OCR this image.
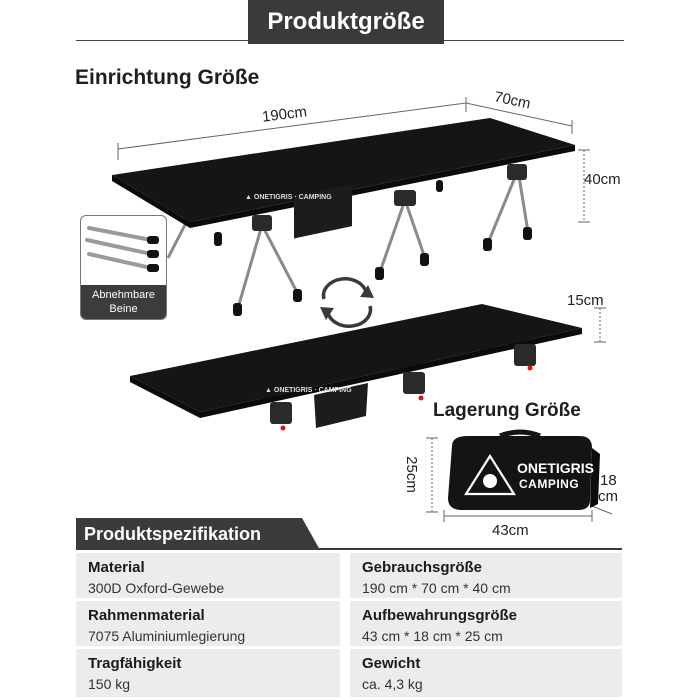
Produktgröße
Einrichtung Größe
▲ ONETIGRIS · CAMPING
▲ ONETIGRIS · CAMPING
190cm
70cm
40cm
15cm
Abnehmbare Beine
Lagerung Größe
25cm	18
cm
43cm
ONETIGRIS
CAMPING
Produktspezifikation
Material
300D Oxford-Gewebe
Gebrauchsgröße
190 cm * 70 cm * 40 cm
Rahmenmaterial
7075 Aluminiumlegierung
Aufbewahrungsgröße
43 cm * 18 cm * 25 cm
Tragfähigkeit
150 kg
Gewicht
ca. 4,3 kg
